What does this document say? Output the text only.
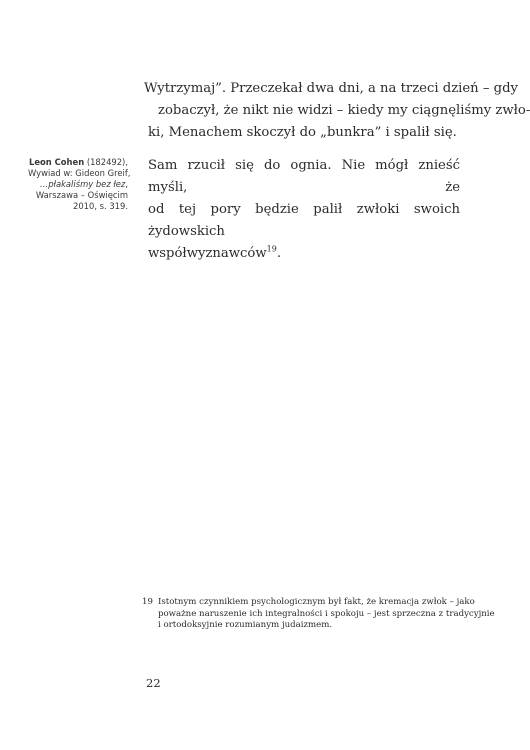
Wytrzymaj”. Przeczekał dwa dni, a na trzeci dzień – gdy
zobaczył, że nikt nie widzi – kiedy my ciągnęliśmy zwło-
ki, Menachem skoczył do „bunkra” i spalił się.

Sam rzucił się do ognia. Nie mógł znieść myśli, że
od tej pory będzie palił zwłoki swoich żydowskich
współwyznawców$^{19}$.

Leon Cohen (182492),
Wywiad w: Gideon Greif,
…płakaliśmy bez łez,
Warszawa – Oświęcim
2010, s. 319.
19 Istotnym czynnikiem psychologicznym był fakt, że kremacja zwłok – jako
poważne naruszenie ich integralności i spokoju – jest sprzeczna z tradycyjnie
i ortodoksyjnie rozumianym judaizmem.
22
